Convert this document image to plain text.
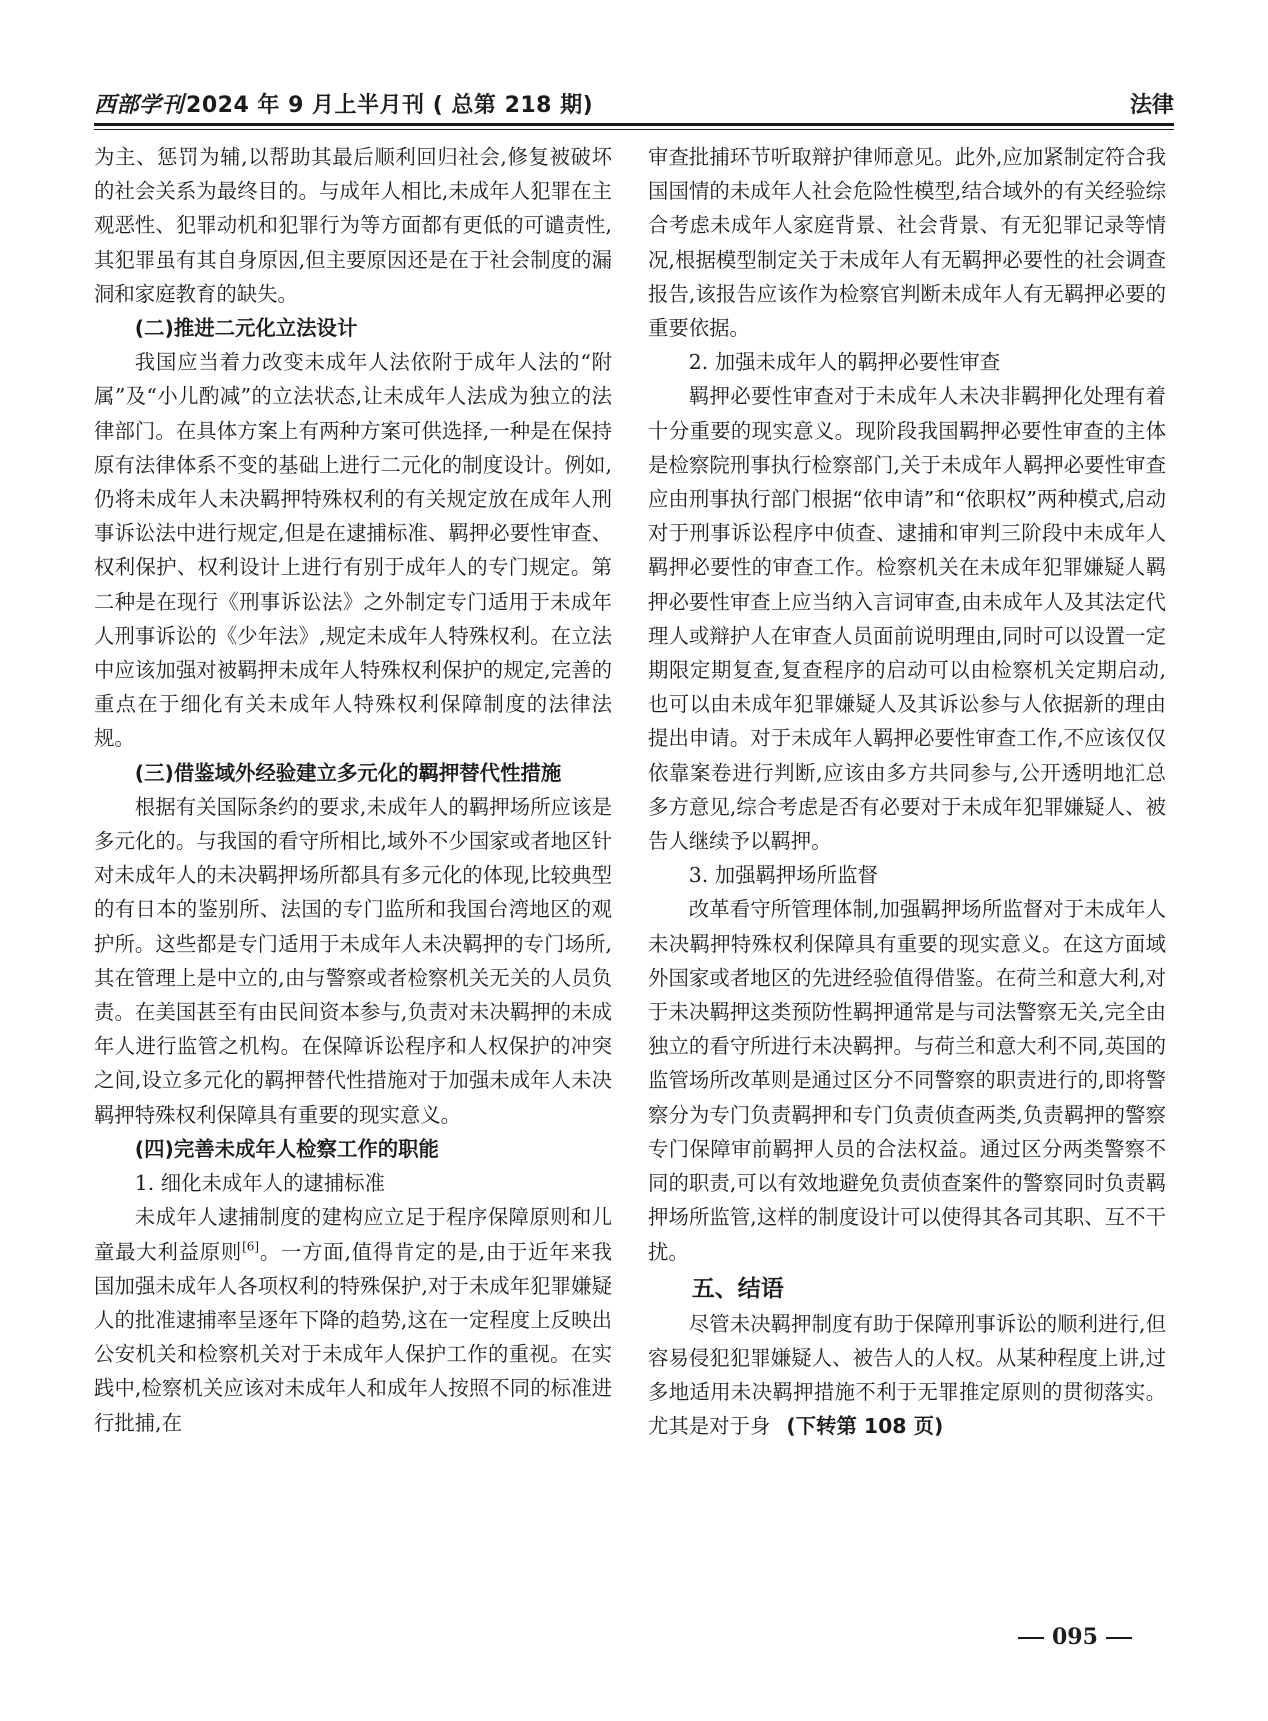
西部学刊2024 年 9 月上半月刊 ( 总第 218 期)	法律

为主、惩罚为辅,以帮助其最后顺利回归社会,修复被破坏的社会关系为最终目的。与成年人相比,未成年人犯罪在主观恶性、犯罪动机和犯罪行为等方面都有更低的可谴责性,其犯罪虽有其自身原因,但主要原因还是在于社会制度的漏洞和家庭教育的缺失。

(二)推进二元化立法设计

我国应当着力改变未成年人法依附于成年人法的“附属”及“小儿酌减”的立法状态,让未成年人法成为独立的法律部门。在具体方案上有两种方案可供选择,一种是在保持原有法律体系不变的基础上进行二元化的制度设计。例如,仍将未成年人未决羁押特殊权利的有关规定放在成年人刑事诉讼法中进行规定,但是在逮捕标准、羁押必要性审查、权利保护、权利设计上进行有别于成年人的专门规定。第二种是在现行《刑事诉讼法》之外制定专门适用于未成年人刑事诉讼的《少年法》,规定未成年人特殊权利。在立法中应该加强对被羁押未成年人特殊权利保护的规定,完善的重点在于细化有关未成年人特殊权利保障制度的法律法规。

(三)借鉴域外经验建立多元化的羁押替代性措施

根据有关国际条约的要求,未成年人的羁押场所应该是多元化的。与我国的看守所相比,域外不少国家或者地区针对未成年人的未决羁押场所都具有多元化的体现,比较典型的有日本的鉴别所、法国的专门监所和我国台湾地区的观护所。这些都是专门适用于未成年人未决羁押的专门场所,其在管理上是中立的,由与警察或者检察机关无关的人员负责。在美国甚至有由民间资本参与,负责对未决羁押的未成年人进行监管之机构。在保障诉讼程序和人权保护的冲突之间,设立多元化的羁押替代性措施对于加强未成年人未决羁押特殊权利保障具有重要的现实意义。

(四)完善未成年人检察工作的职能
1. 细化未成年人的逮捕标准

未成年人逮捕制度的建构应立足于程序保障原则和儿童最大利益原则[6]。一方面,值得肯定的是,由于近年来我国加强未成年人各项权利的特殊保护,对于未成年犯罪嫌疑人的批准逮捕率呈逐年下降的趋势,这在一定程度上反映出公安机关和检察机关对于未成年人保护工作的重视。在实践中,检察机关应该对未成年人和成年人按照不同的标准进行批捕,在

审查批捕环节听取辩护律师意见。此外,应加紧制定符合我国国情的未成年人社会危险性模型,结合域外的有关经验综合考虑未成年人家庭背景、社会背景、有无犯罪记录等情况,根据模型制定关于未成年人有无羁押必要性的社会调查报告,该报告应该作为检察官判断未成年人有无羁押必要的重要依据。

2. 加强未成年人的羁押必要性审查

羁押必要性审查对于未成年人未决非羁押化处理有着十分重要的现实意义。现阶段我国羁押必要性审查的主体是检察院刑事执行检察部门,关于未成年人羁押必要性审查应由刑事执行部门根据“依申请”和“依职权”两种模式,启动对于刑事诉讼程序中侦查、逮捕和审判三阶段中未成年人羁押必要性的审查工作。检察机关在未成年犯罪嫌疑人羁押必要性审查上应当纳入言词审查,由未成年人及其法定代理人或辩护人在审查人员面前说明理由,同时可以设置一定期限定期复查,复查程序的启动可以由检察机关定期启动,也可以由未成年犯罪嫌疑人及其诉讼参与人依据新的理由提出申请。对于未成年人羁押必要性审查工作,不应该仅仅依靠案卷进行判断,应该由多方共同参与,公开透明地汇总多方意见,综合考虑是否有必要对于未成年犯罪嫌疑人、被告人继续予以羁押。

3. 加强羁押场所监督

改革看守所管理体制,加强羁押场所监督对于未成年人未决羁押特殊权利保障具有重要的现实意义。在这方面域外国家或者地区的先进经验值得借鉴。在荷兰和意大利,对于未决羁押这类预防性羁押通常是与司法警察无关,完全由独立的看守所进行未决羁押。与荷兰和意大利不同,英国的监管场所改革则是通过区分不同警察的职责进行的,即将警察分为专门负责羁押和专门负责侦查两类,负责羁押的警察专门保障审前羁押人员的合法权益。通过区分两类警察不同的职责,可以有效地避免负责侦查案件的警察同时负责羁押场所监管,这样的制度设计可以使得其各司其职、互不干扰。

五、结语

尽管未决羁押制度有助于保障刑事诉讼的顺利进行,但容易侵犯犯罪嫌疑人、被告人的人权。从某种程度上讲,过多地适用未决羁押措施不利于无罪推定原则的贯彻落实。尤其是对于身 (下转第 108 页)

095
